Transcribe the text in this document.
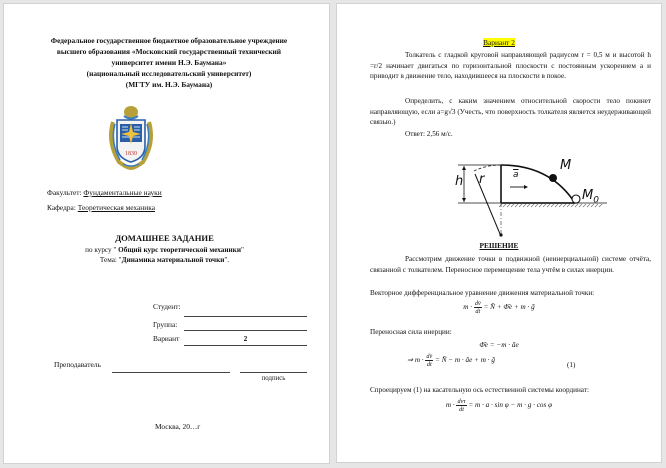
Федеральное государственное бюджетное образовательное учреждение
высшего образования «Московский государственный технический
университет имени Н.Э. Баумана»
(национальный исследовательский университет)
(МГТУ им. Н.Э. Баумана)
1830
Факультет: Фундаментальные науки
Кафедра: Теоретическая механика
ДОМАШНЕЕ ЗАДАНИЕ
по курсу " Общий курс теоретической механики"
Тема: "Динамика материальной точки".
Студент:
Группа:
Вариант	2
Преподаватель
подпись
Москва, 20…г
Вариант 2
Толкатель с гладкой круговой направляющей радиусом r = 0,5 м и высотой h =r/2 начинает двигаться по горизонтальной плоскости с постоянным ускорением a и приводит в движение тело, находившееся на плоскости в покое.
Определить, с каким значением относительной скорости тело покинет направляющую, если a=g√3 (Учесть, что поверхность толкателя является неудерживающей связью.)
Ответ: 2,56 м/с.
h r	$\overline{a}$
M
$M_0$
РЕШЕНИЕ
Рассмотрим движение точки в подвижной (неинерциальной) системе отчёта, связанной с толкателем. Переносное перемещение тела учтём в силах инерции.
Векторное дифференциальное уравнение движения материальной точки:
$m \cdot \frac{dv̄}{dt}$ = N̄ + Φ̄e + m · ḡ
Переносная сила инерции:
Φ̄e = −m · āe
⇒ $m \cdot \frac{dv̄}{dt}$ = N̄ − m · āe + m · ḡ
(1)
Спроецируем (1) на касательную ось естественной системы координат:
$m \cdot \frac{\text{dvτ}}{dt} = m \cdot a \cdot \sin \varphi - m \cdot g \cdot \cos \varphi$
